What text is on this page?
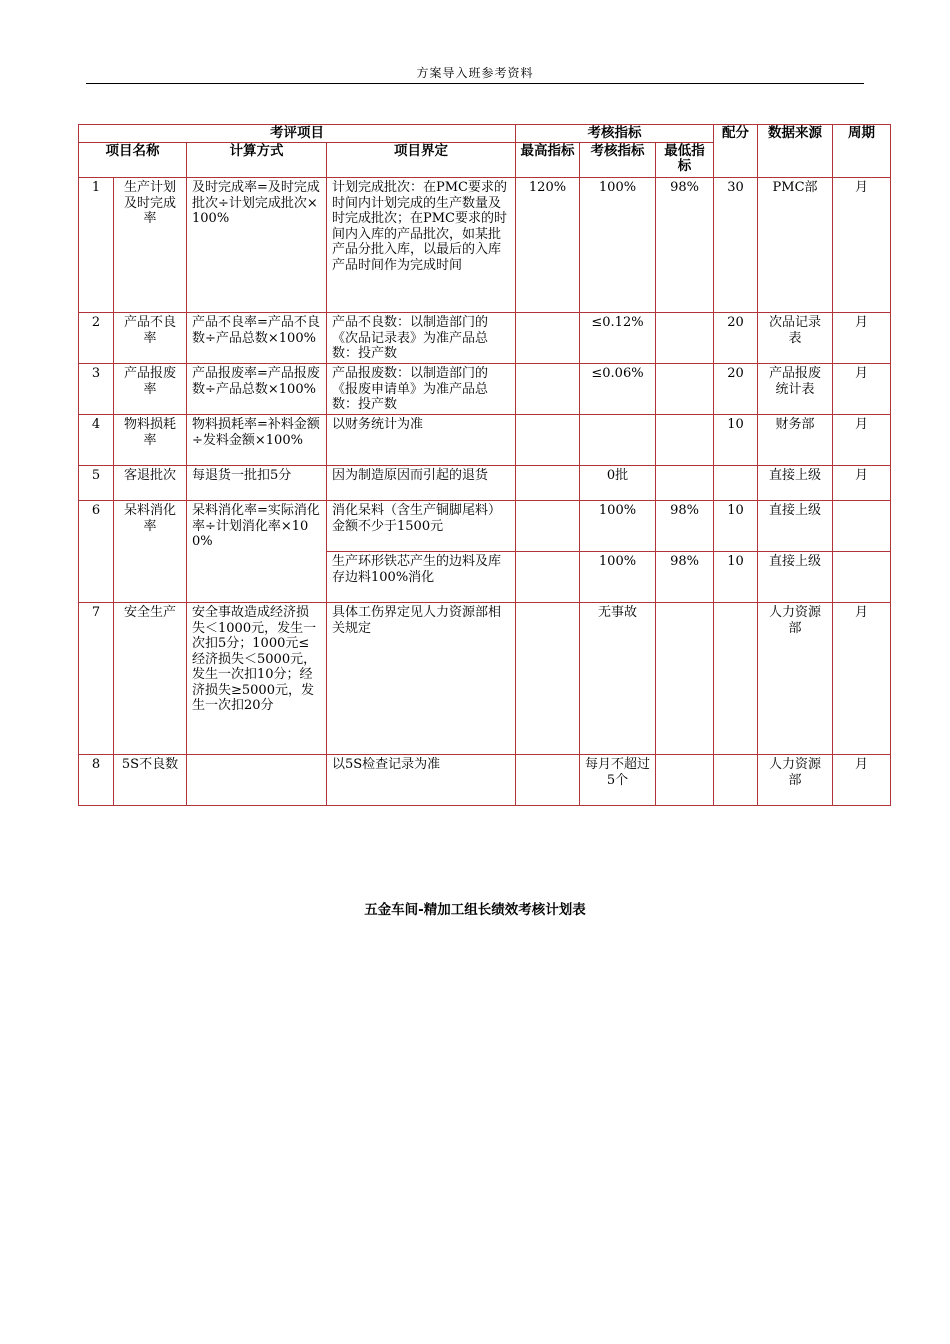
方案导入班参考资料
考评项目				考核指标			配分	数据来源	周期
项目名称		计算方式	项目界定	最高指标	考核指标	最低指标			
1	生产计划及时完成率	及时完成率=及时完成批次÷计划完成批次×100%	计划完成批次：在PMC要求的时间内计划完成的生产数量及时完成批次；在PMC要求的时间内入库的产品批次，如某批产品分批入库，以最后的入库产品时间作为完成时间	120%	100%	98%	30	PMC部	月
2	产品不良率	产品不良率=产品不良数÷产品总数×100%	产品不良数：以制造部门的《次品记录表》为准产品总数：投产数		≤0.12%		20	次品记录表	月
3	产品报废率	产品报废率=产品报废数÷产品总数×100%	产品报废数：以制造部门的《报废申请单》为准产品总数：投产数		≤0.06%		20	产品报废统计表	月
4	物料损耗率	物料损耗率=补料金额÷发料金额×100%	以财务统计为准				10	财务部	月
5	客退批次	每退货一批扣5分	因为制造原因而引起的退货		0批			直接上级	月
6	呆料消化率	呆料消化率=实际消化率÷计划消化率×100%	消化呆料（含生产铜脚尾料）金额不少于1500元		100%	98%	10	直接上级	
			生产环形铁芯产生的边料及库存边料100%消化		100%	98%	10	直接上级	
7	安全生产	安全事故造成经济损失＜1000元，发生一次扣5分；1000元≤经济损失＜5000元，发生一次扣10分；经济损失≥5000元，发生一次扣20分	具体工伤界定见人力资源部相关规定		无事故			人力资源部	月
8	5S不良数		以5S检查记录为准		每月不超过5个			人力资源部	月
五金车间-精加工组长绩效考核计划表
